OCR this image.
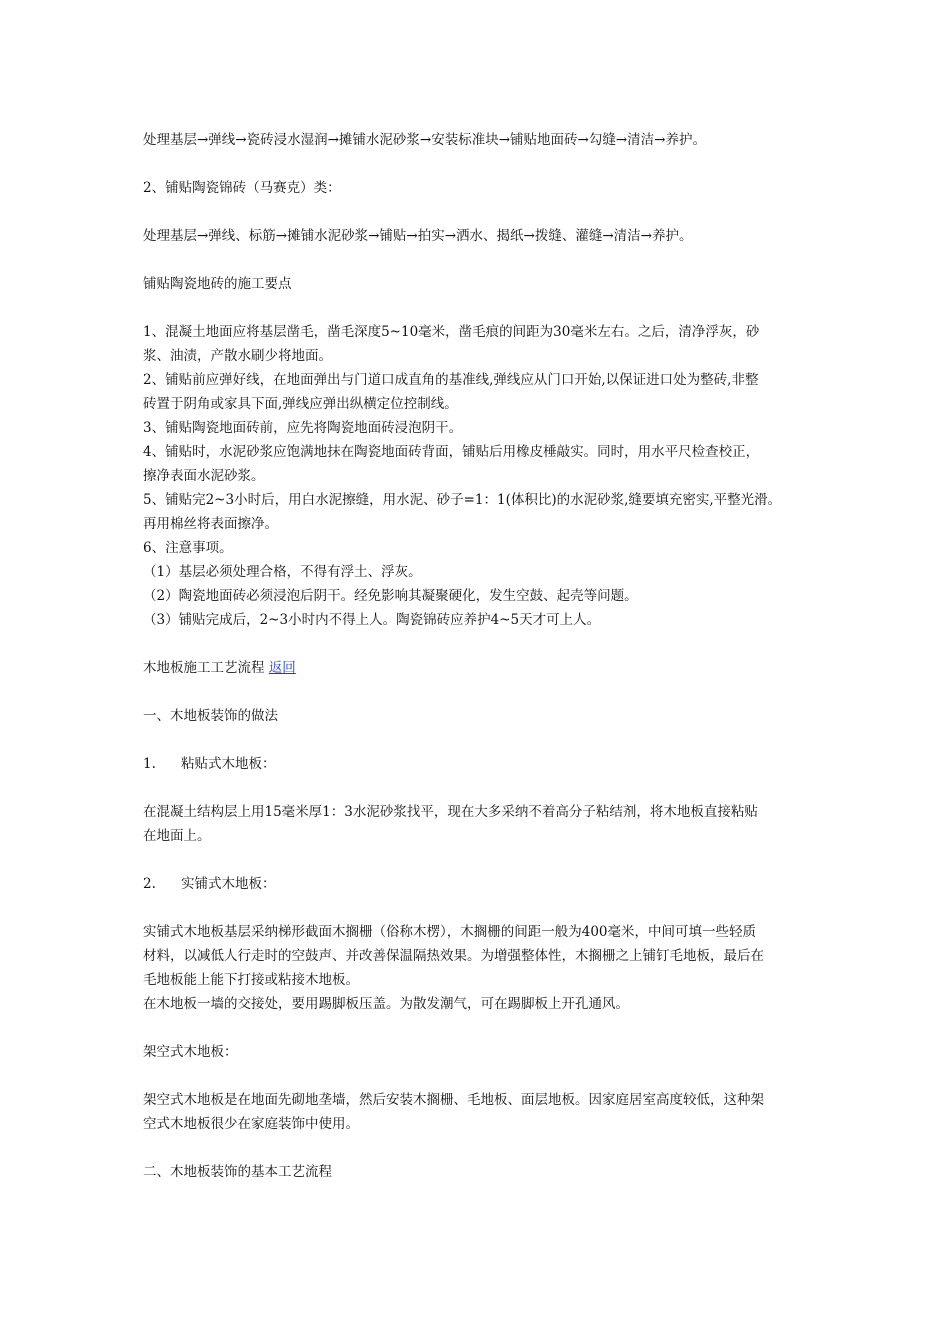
处理基层→弹线→瓷砖浸水湿润→摊铺水泥砂浆→安装标准块→铺贴地面砖→勾缝→清洁→养护。

2、铺贴陶瓷锦砖（马赛克）类：

处理基层→弹线、标筋→摊铺水泥砂浆→铺贴→拍实→洒水、揭纸→拨缝、灌缝→清洁→养护。

铺贴陶瓷地砖的施工要点

1、混凝土地面应将基层凿毛，凿毛深度5~10毫米，凿毛痕的间距为30毫米左右。之后，清净浮灰，砂
浆、油渍，产散水刷少将地面。
2、铺贴前应弹好线，在地面弹出与门道口成直角的基准线,弹线应从门口开始,以保证进口处为整砖,非整
砖置于阴角或家具下面,弹线应弹出纵横定位控制线。
3、铺贴陶瓷地面砖前，应先将陶瓷地面砖浸泡阴干。
4、铺贴时，水泥砂浆应饱满地抹在陶瓷地面砖背面，铺贴后用橡皮棰敲实。同时，用水平尺检查校正，
擦净表面水泥砂浆。
5、铺贴完2~3小时后，用白水泥擦缝，用水泥、砂子=1：1(体积比)的水泥砂浆,缝要填充密实,平整光滑。
再用棉丝将表面擦净。
6、注意事项。
（1）基层必须处理合格，不得有浮土、浮灰。
（2）陶瓷地面砖必须浸泡后阴干。经免影响其凝聚硬化，发生空鼓、起壳等问题。
（3）铺贴完成后，2~3小时内不得上人。陶瓷锦砖应养护4~5天才可上人。

木地板施工工艺流程 返回

一、木地板装饰的做法

1. 粘贴式木地板：

在混凝土结构层上用15毫米厚1：3水泥砂浆找平，现在大多采纳不着高分子粘结剂，将木地板直接粘贴
在地面上。

2. 实铺式木地板：

实铺式木地板基层采纳梯形截面木搁栅（俗称木楞），木搁栅的间距一般为400毫米，中间可填一些轻质
材料，以减低人行走时的空鼓声、并改善保温隔热效果。为增强整体性，木搁栅之上铺钉毛地板，最后在
毛地板能上能下打接或粘接木地板。
在木地板一墙的交接处，要用踢脚板压盖。为散发潮气，可在踢脚板上开孔通风。

架空式木地板：

架空式木地板是在地面先砌地垄墙，然后安装木搁栅、毛地板、面层地板。因家庭居室高度较低，这种架
空式木地板很少在家庭装饰中使用。

二、木地板装饰的基本工艺流程
